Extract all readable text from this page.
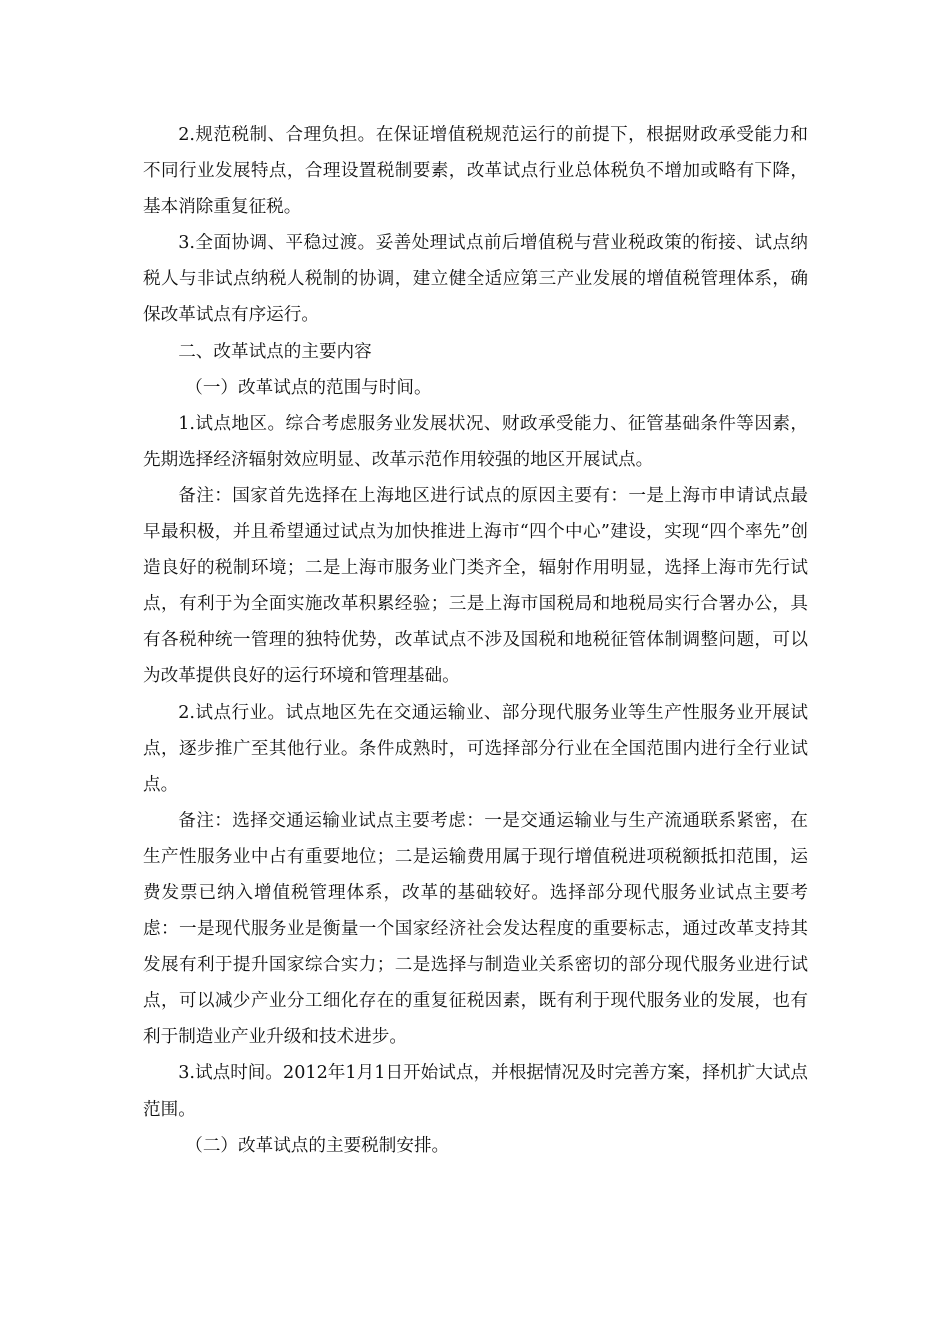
2.规范税制、合理负担。在保证增值税规范运行的前提下，根据财政承受能力和不同行业发展特点，合理设置税制要素，改革试点行业总体税负不增加或略有下降，基本消除重复征税。

3.全面协调、平稳过渡。妥善处理试点前后增值税与营业税政策的衔接、试点纳税人与非试点纳税人税制的协调，建立健全适应第三产业发展的增值税管理体系，确保改革试点有序运行。

二、改革试点的主要内容

（一）改革试点的范围与时间。

1.试点地区。综合考虑服务业发展状况、财政承受能力、征管基础条件等因素，先期选择经济辐射效应明显、改革示范作用较强的地区开展试点。

备注：国家首先选择在上海地区进行试点的原因主要有：一是上海市申请试点最早最积极，并且希望通过试点为加快推进上海市“四个中心”建设，实现“四个率先”创造良好的税制环境；二是上海市服务业门类齐全，辐射作用明显，选择上海市先行试点，有利于为全面实施改革积累经验；三是上海市国税局和地税局实行合署办公，具有各税种统一管理的独特优势，改革试点不涉及国税和地税征管体制调整问题，可以为改革提供良好的运行环境和管理基础。

2.试点行业。试点地区先在交通运输业、部分现代服务业等生产性服务业开展试点，逐步推广至其他行业。条件成熟时，可选择部分行业在全国范围内进行全行业试点。

备注：选择交通运输业试点主要考虑：一是交通运输业与生产流通联系紧密，在生产性服务业中占有重要地位；二是运输费用属于现行增值税进项税额抵扣范围，运费发票已纳入增值税管理体系，改革的基础较好。选择部分现代服务业试点主要考虑：一是现代服务业是衡量一个国家经济社会发达程度的重要标志，通过改革支持其发展有利于提升国家综合实力；二是选择与制造业关系密切的部分现代服务业进行试点，可以减少产业分工细化存在的重复征税因素，既有利于现代服务业的发展，也有利于制造业产业升级和技术进步。

3.试点时间。2012年1月1日开始试点，并根据情况及时完善方案，择机扩大试点范围。

（二）改革试点的主要税制安排。
